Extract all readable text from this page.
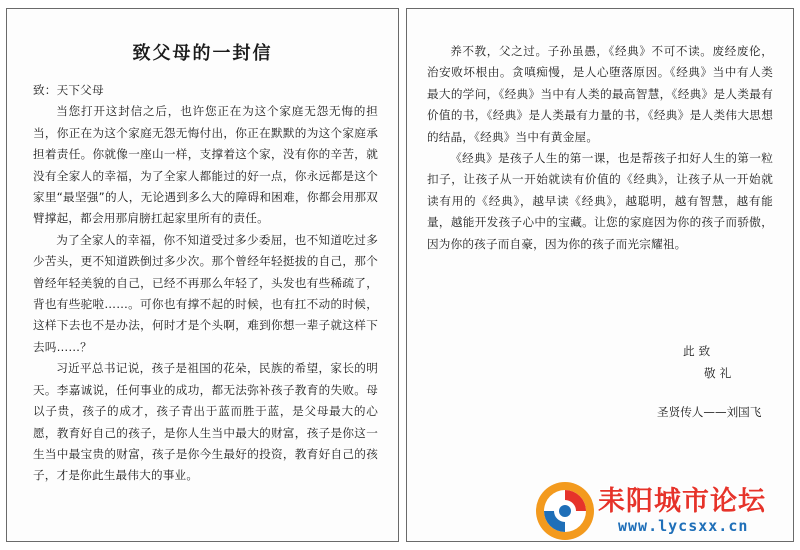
致父母的一封信

致：天下父母

当您打开这封信之后，也许您正在为这个家庭无怨无悔的担当，你正在为这个家庭无怨无悔付出，你正在默默的为这个家庭承担着责任。你就像一座山一样，支撑着这个家，没有你的辛苦，就没有全家人的幸福，为了全家人都能过的好一点，你永远都是这个家里“最坚强”的人，无论遇到多么大的障碍和困难，你都会用那双臂撑起，都会用那肩膀扛起家里所有的责任。

为了全家人的幸福，你不知道受过多少委屈，也不知道吃过多少苦头，更不知道跌倒过多少次。那个曾经年轻挺拔的自己，那个曾经年轻美貌的自己，已经不再那么年轻了，头发也有些稀疏了，背也有些驼啦……。可你也有撑不起的时候，也有扛不动的时候，这样下去也不是办法，何时才是个头啊，难到你想一辈子就这样下去吗……？

习近平总书记说，孩子是祖国的花朵，民族的希望，家长的明天。李嘉诚说，任何事业的成功，都无法弥补孩子教育的失败。母以子贵，孩子的成才，孩子青出于蓝而胜于蓝，是父母最大的心愿，教育好自己的孩子，是你人生当中最大的财富，孩子是你这一生当中最宝贵的财富，孩子是你今生最好的投资，教育好自己的孩子，才是你此生最伟大的事业。

养不教，父之过。子孙虽愚，《经典》不可不读。废经废伦，治安败坏根由。贪嗔痴慢，是人心堕落原因。《经典》当中有人类最大的学问，《经典》当中有人类的最高智慧，《经典》是人类最有价值的书，《经典》是人类最有力量的书，《经典》是人类伟大思想的结晶，《经典》当中有黄金屋。

《经典》是孩子人生的第一课，也是帮孩子扣好人生的第一粒扣子，让孩子从一开始就读有价值的《经典》，让孩子从一开始就读有用的《经典》，越早读《经典》，越聪明，越有智慧，越有能量，越能开发孩子心中的宝藏。让您的家庭因为你的孩子而骄傲，因为你的孩子而自豪，因为你的孩子而光宗耀祖。

此致
敬礼
圣贤传人——刘国飞
耒阳城市论坛
www.lycsxx.cn
